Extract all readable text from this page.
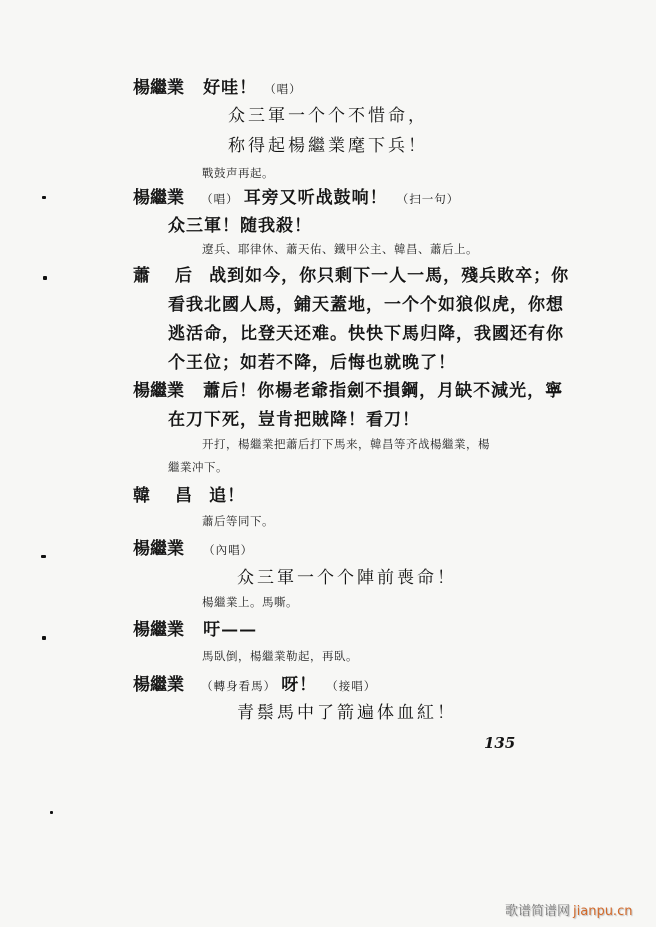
楊繼業 好哇！ （唱）
众三軍一个个不惜命，
称得起楊繼業麾下兵！
戰鼓声再起。
楊繼業 （唱） 耳旁又听战鼓响！ （扫一句）
众三軍！随我殺！
遼兵、耶律休、蕭天佑、鐵甲公主、韓昌、蕭后上。
蕭　后 战到如今，你只剩下一人一馬，殘兵敗卒；你
看我北國人馬，鋪天蓋地，一个个如狼似虎，你想
逃活命，比登天还难。快快下馬归降，我國还有你
个王位；如若不降，后悔也就晚了！
楊繼業 蕭后！你楊老爺指劍不損鋼，月缺不減光，寧
在刀下死，豈肯把賊降！看刀！
开打，楊繼業把蕭后打下馬来，韓昌等齐战楊繼業，楊
繼業冲下。
韓　昌 追！
蕭后等同下。
楊繼業 （內唱）
众三軍一个个陣前喪命！
楊繼業上。馬嘶。
楊繼業 吁——
馬臥倒，楊繼業勒起，再臥。
楊繼業 （轉身看馬） 呀！ （接唱）
青鬃馬中了箭遍体血紅！
135
歌谱简谱网 jianpu.cn
